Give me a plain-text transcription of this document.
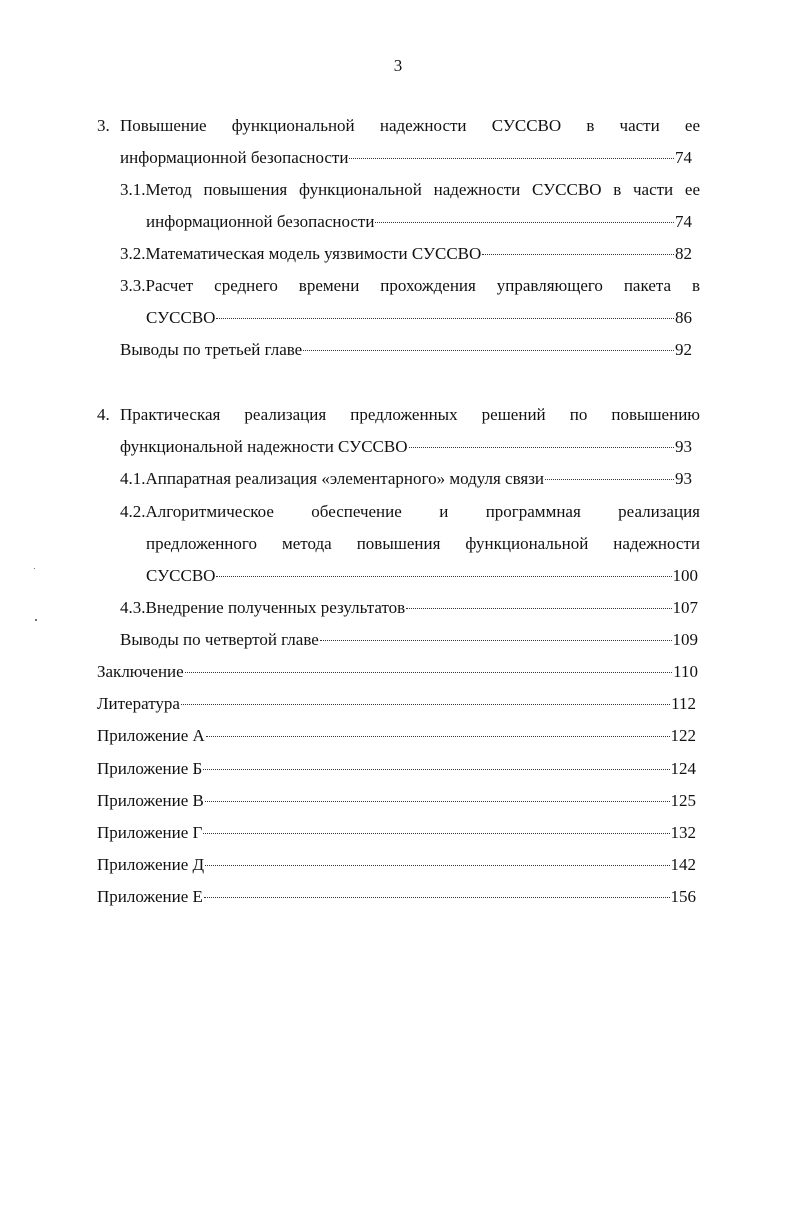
3
3. Повышение функциональной надежности СУССВО в части ее
информационной безопасности	74
3.1.Метод повышения функциональной надежности СУССВО в части ее
информационной безопасности	74
3.2.Математическая модель уязвимости СУССВО	82
3.3.Расчет среднего времени прохождения управляющего пакета в
СУССВО	86
Выводы по третьей главе	92
4. Практическая реализация предложенных решений по повышению
функциональной надежности СУССВО	93
4.1.Аппаратная реализация «элементарного» модуля связи	93
4.2.Алгоритмическое обеспечение и программная реализация
предложенного метода повышения функциональной надежности
СУССВО	100
4.3.Внедрение полученных результатов	107
Выводы по четвертой главе	109
Заключение	110
Литература	112
Приложение А	122
Приложение Б	124
Приложение В	125
Приложение Г	132
Приложение Д	142
Приложение Е	156
